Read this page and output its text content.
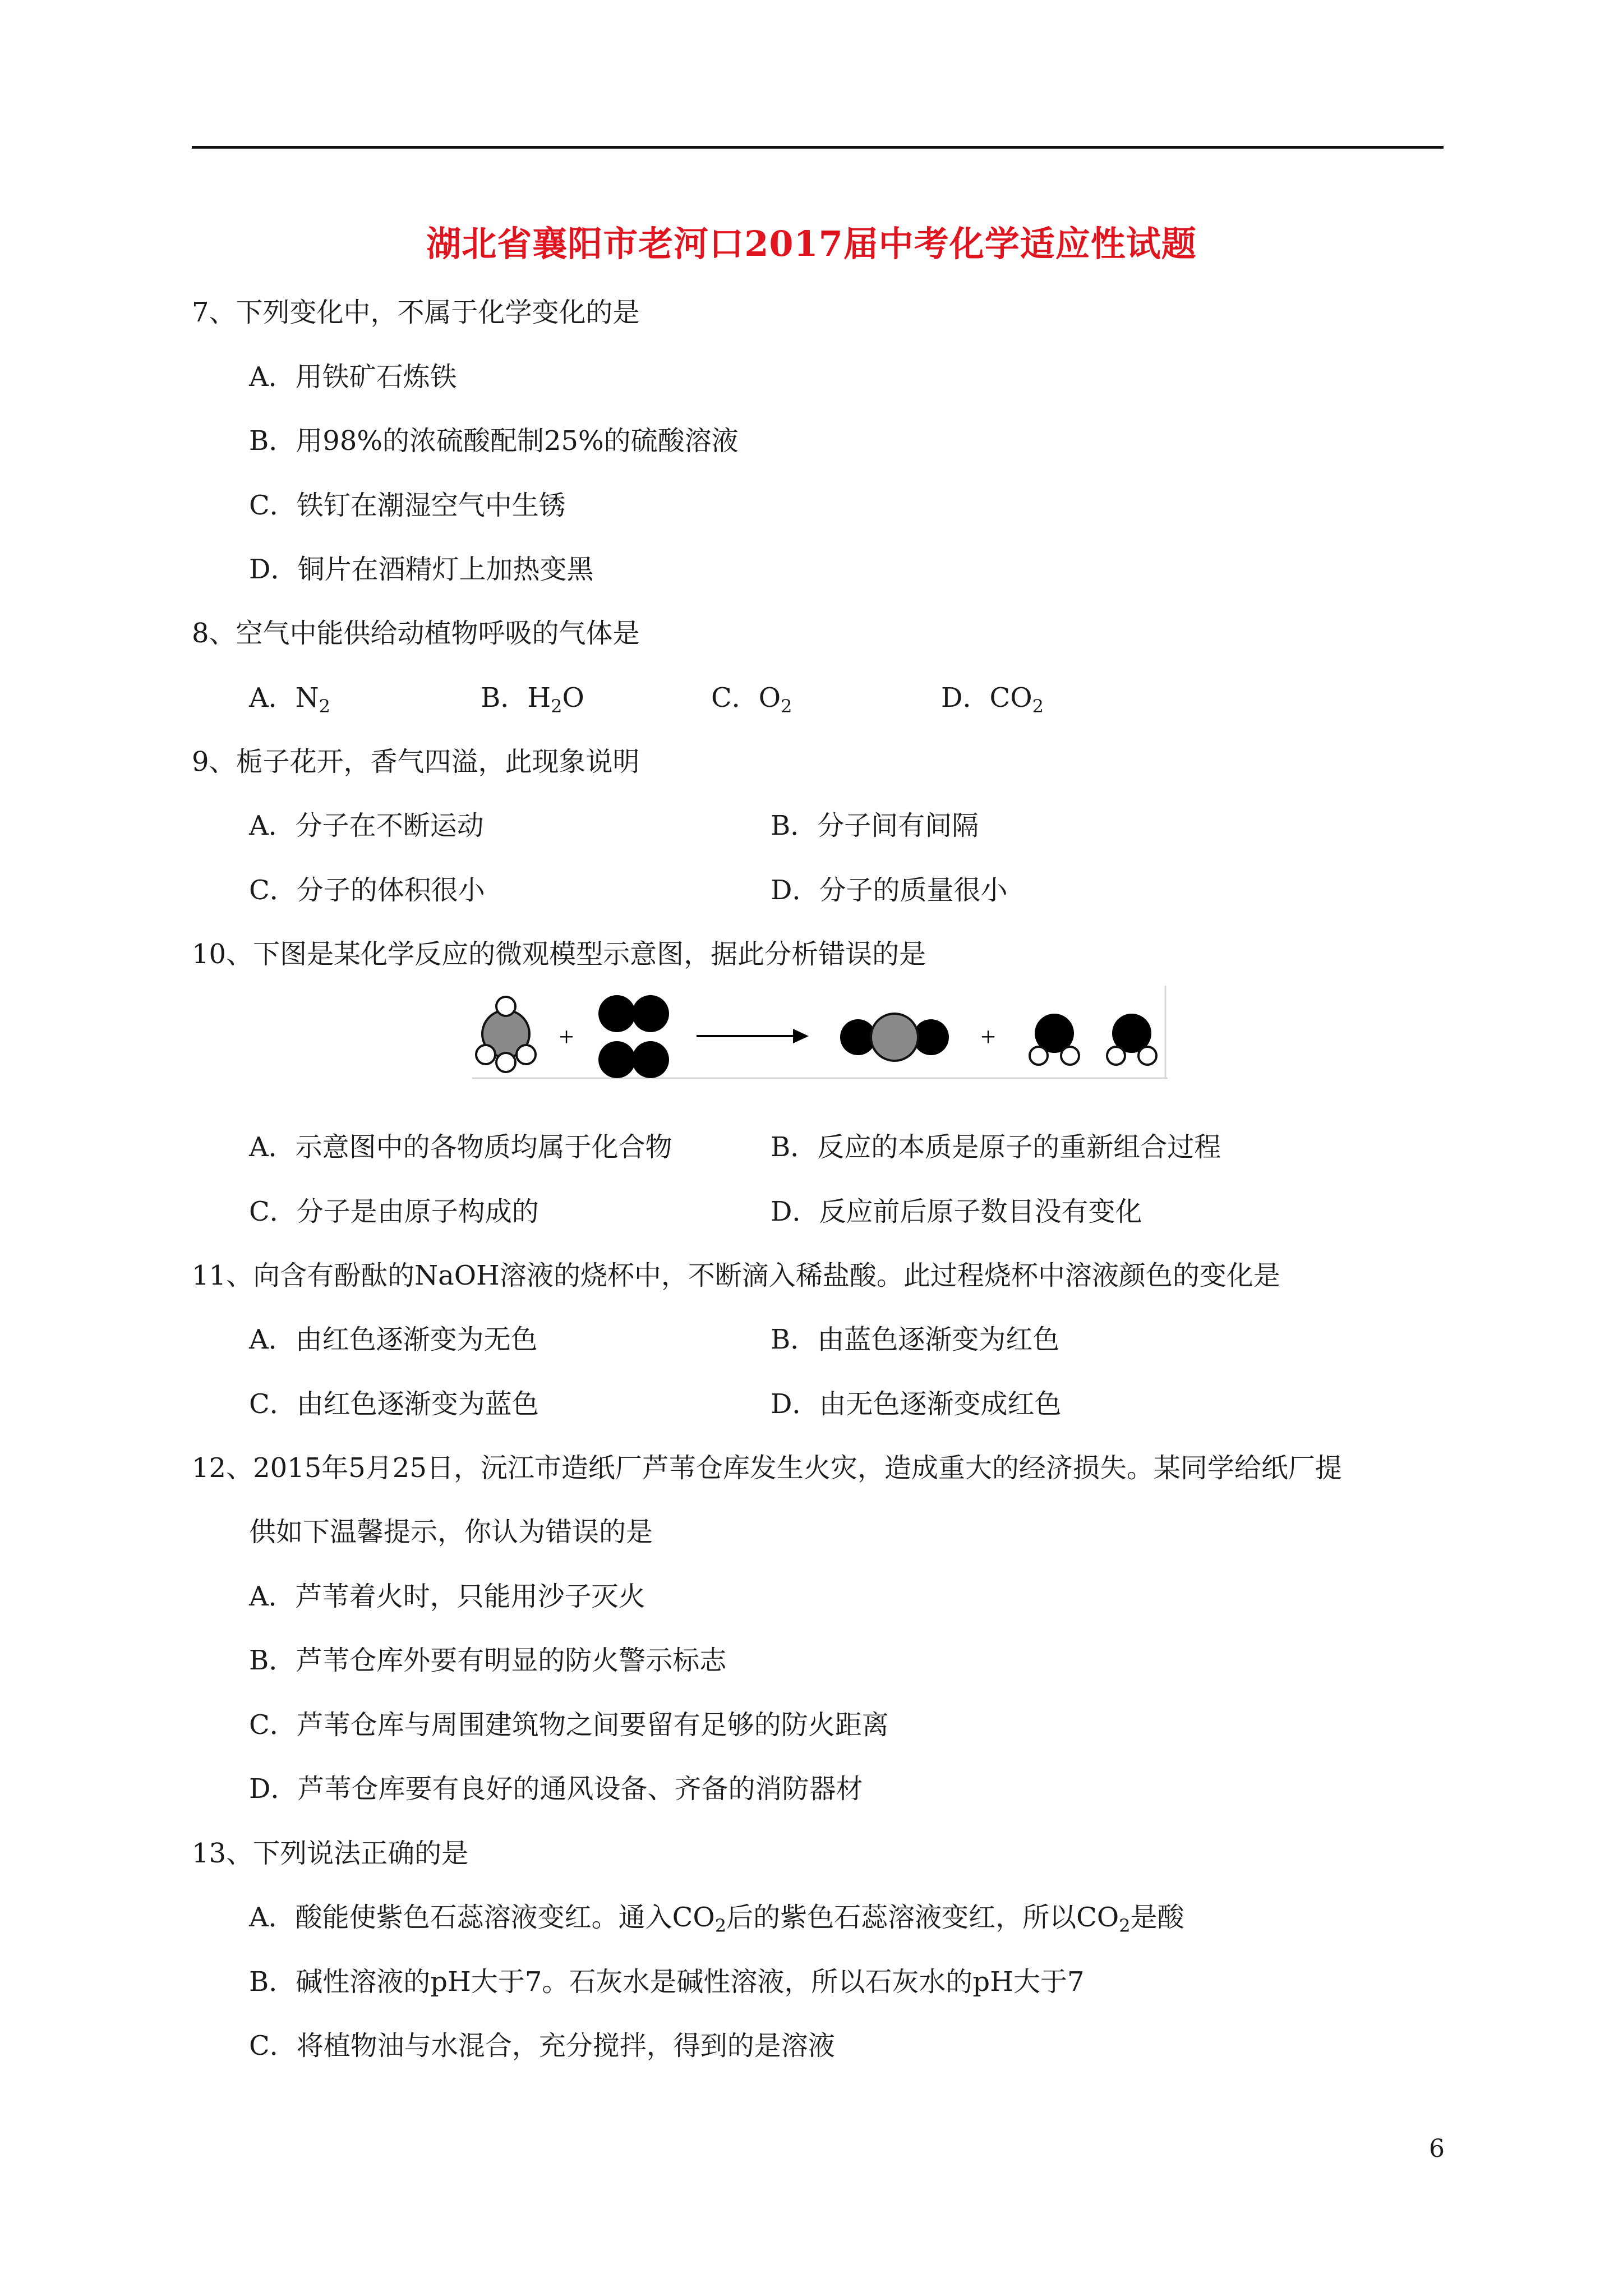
湖北省襄阳市老河口2017届中考化学适应性试题
7、下列变化中，不属于化学变化的是
A．用铁矿石炼铁
B．用98%的浓硫酸配制25%的硫酸溶液
C．铁钉在潮湿空气中生锈
D．铜片在酒精灯上加热变黑
8、空气中能供给动植物呼吸的气体是
A．$N_2$	B．$H_2O$	C．$O_2$	D．$CO_2$
9、栀子花开，香气四溢，此现象说明
A．分子在不断运动	B．分子间有间隔
C．分子的体积很小	D．分子的质量很小
10、下图是某化学反应的微观模型示意图，据此分析错误的是
+	+
A．示意图中的各物质均属于化合物	B．反应的本质是原子的重新组合过程
C．分子是由原子构成的	D．反应前后原子数目没有变化
11、向含有酚酞的NaOH溶液的烧杯中，不断滴入稀盐酸。此过程烧杯中溶液颜色的变化是
A．由红色逐渐变为无色	B．由蓝色逐渐变为红色
C．由红色逐渐变为蓝色	D．由无色逐渐变成红色
12、2015年5月25日，沅江市造纸厂芦苇仓库发生火灾，造成重大的经济损失。某同学给纸厂提
供如下温馨提示，你认为错误的是
A．芦苇着火时，只能用沙子灭火
B．芦苇仓库外要有明显的防火警示标志
C．芦苇仓库与周围建筑物之间要留有足够的防火距离
D．芦苇仓库要有良好的通风设备、齐备的消防器材
13、下列说法正确的是
A．酸能使紫色石蕊溶液变红。通入$CO_2$后的紫色石蕊溶液变红，所以$CO_2$是酸
B．碱性溶液的pH大于7。石灰水是碱性溶液，所以石灰水的pH大于7
C．将植物油与水混合，充分搅拌，得到的是溶液
6
